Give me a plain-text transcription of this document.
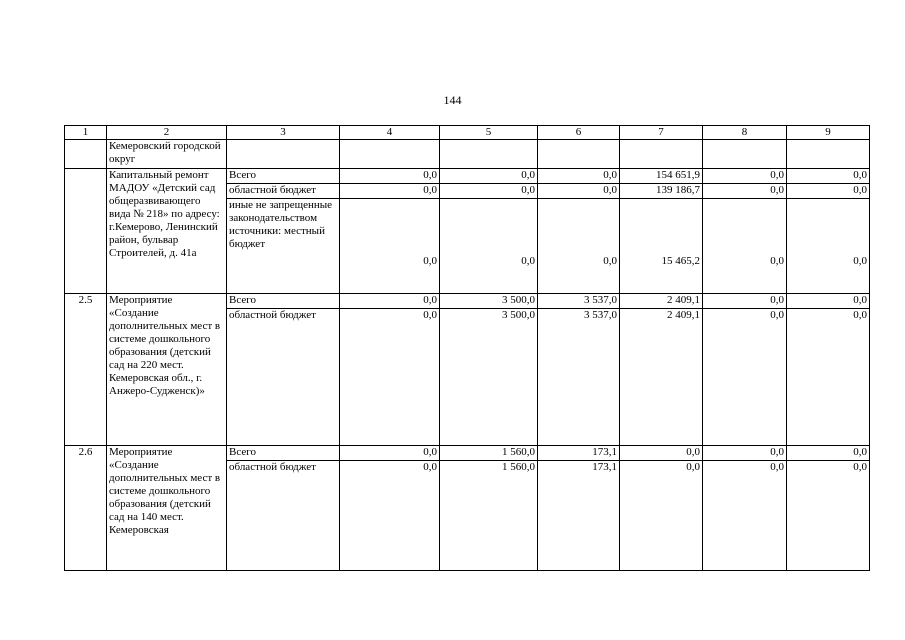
144
1	2	3	4	5	6	7	8	9
	Кемеровский городской округ							
	Капитальный ремонт МАДОУ «Детский сад общеразвивающего вида № 218» по адресу: г.Кемерово, Ленинский район, бульвар Строителей, д. 41а	Всего	0,0	0,0	0,0	154 651,9	0,0	0,0
		областной бюджет	0,0	0,0	0,0	139 186,7	0,0	0,0
		иные не запрещенные законодательством источники: местный бюджет	0,0	0,0	0,0	15 465,2	0,0	0,0
2.5	Мероприятие «Создание дополнительных мест в системе дошкольного образования (детский сад на 220 мест. Кемеровская обл., г. Анжеро-Судженск)»	Всего	0,0	3 500,0	3 537,0	2 409,1	0,0	0,0
		областной бюджет	0,0	3 500,0	3 537,0	2 409,1	0,0	0,0
2.6	Мероприятие «Создание дополнительных мест в системе дошкольного образования (детский сад на 140 мест. Кемеровская	Всего	0,0	1 560,0	173,1	0,0	0,0	0,0
		областной бюджет	0,0	1 560,0	173,1	0,0	0,0	0,0
